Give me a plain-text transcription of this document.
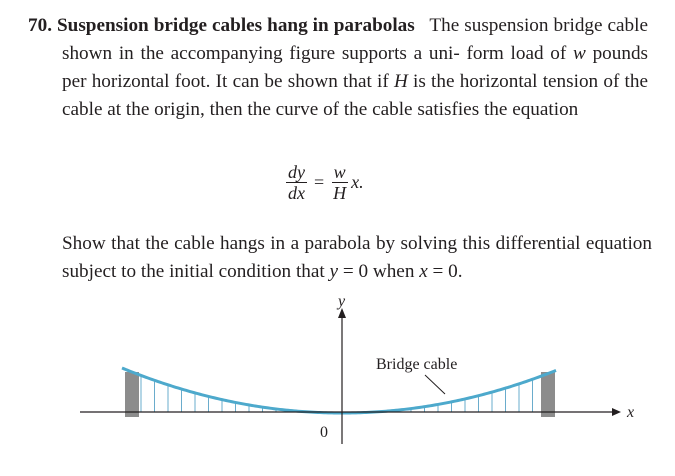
70. Suspension bridge cables hang in parabolas The suspension bridge cable shown in the accompanying figure supports a uni- form load of w pounds per horizontal foot. It can be shown that if H is the horizontal tension of the cable at the origin, then the curve of the cable satisfies the equation

$\frac{dy}{dx} = \frac{w}{H} x$.
Show that the cable hangs in a parabola by solving this differential equation subject to the initial condition that y = 0 when x = 0.
x
y
0
Bridge cable
